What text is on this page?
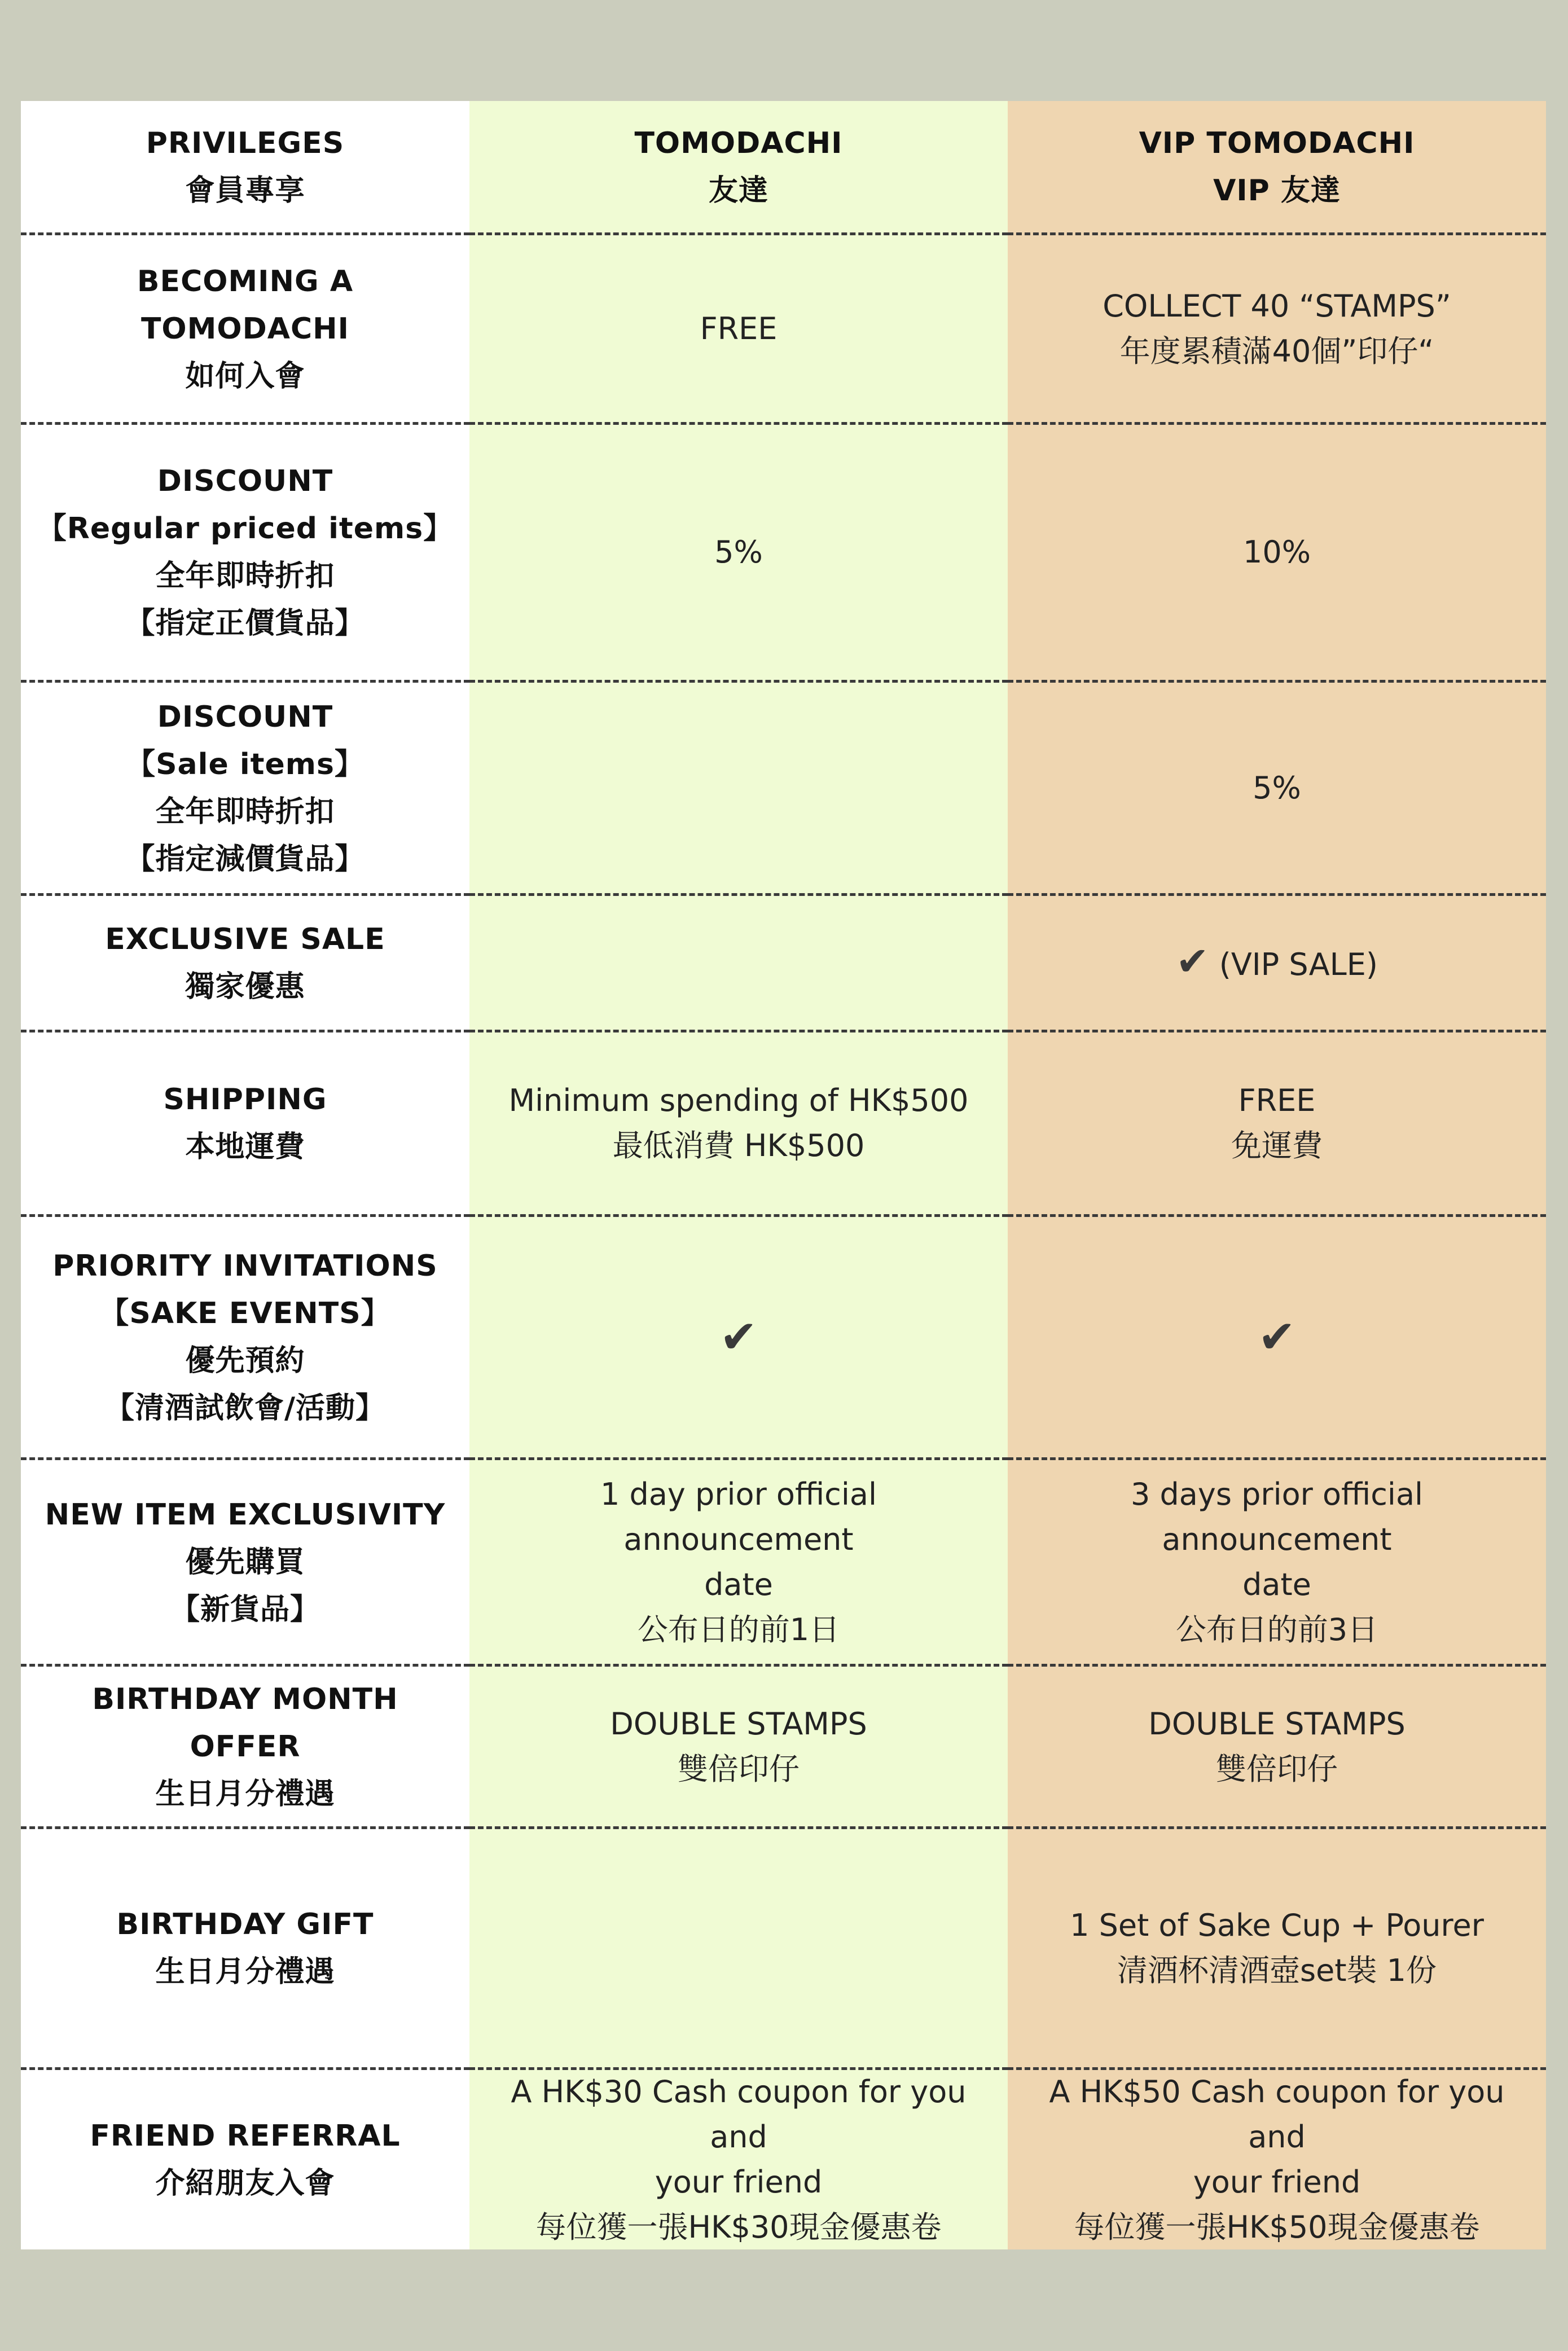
PRIVILEGES
會員專享
TOMODACHI
友達
VIP TOMODACHI
VIP 友達
BECOMING A
TOMODACHI
如何入會
FREE
COLLECT 40 “STAMPS”
年度累積滿40個”印仔“
DISCOUNT
【Regular priced items】
全年即時折扣
【指定正價貨品】
5%	10%
DISCOUNT
【Sale items】
全年即時折扣
【指定減價貨品】
5%
EXCLUSIVE SALE
獨家優惠
✔ (VIP SALE)
SHIPPING
本地運費
Minimum spending of HK$500
最低消費 HK$500
FREE
免運費
PRIORITY INVITATIONS
【SAKE EVENTS】
優先預約
【清酒試飲會/活動】
✔	✔
NEW ITEM EXCLUSIVITY
優先購買
【新貨品】
1 day prior official announcement
date
公布日的前1日
3 days prior official announcement
date
公布日的前3日
BIRTHDAY MONTH OFFER
生日月分禮遇
DOUBLE STAMPS
雙倍印仔
DOUBLE STAMPS
雙倍印仔
BIRTHDAY GIFT
生日月分禮遇
1 Set of Sake Cup + Pourer
清酒杯清酒壺set裝 1份
FRIEND REFERRAL
介紹朋友入會
A HK$30 Cash coupon for you and
your friend
每位獲一張HK$30現金優惠卷
A HK$50 Cash coupon for you and
your friend
每位獲一張HK$50現金優惠卷
